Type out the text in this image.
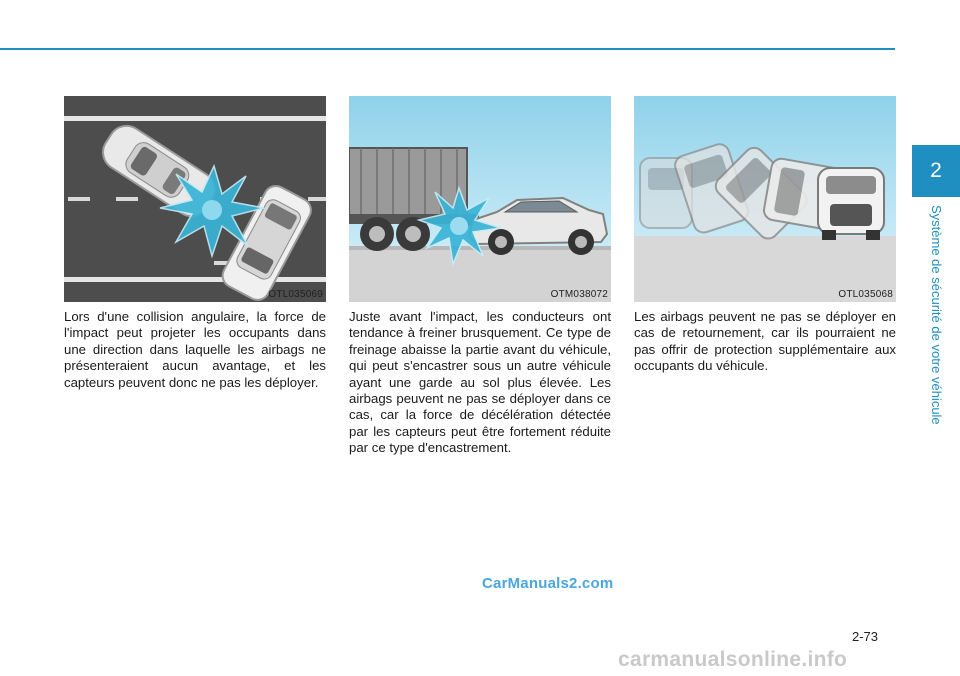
2
Système de sécurité de votre véhicule
OTL035069

Lors d'une collision angulaire, la force de l'impact peut projeter les occupants dans une direction dans laquelle les airbags ne présenteraient aucun avantage, et les capteurs peuvent donc ne pas les déployer.

OTM038072

Juste avant l'impact, les conducteurs ont tendance à freiner brusquement. Ce type de freinage abaisse la partie avant du véhicule, qui peut s'encastrer sous un autre véhicule ayant une garde au sol plus élevée. Les airbags peuvent ne pas se déployer dans ce cas, car la force de décélération détectée par les capteurs peut être fortement réduite par ce type d'encastrement.

OTL035068

Les airbags peuvent ne pas se déployer en cas de retournement, car ils pourraient ne pas offrir de protection supplémentaire aux occupants du véhicule.

CarManuals2.com
2-73
carmanualsonline.info
